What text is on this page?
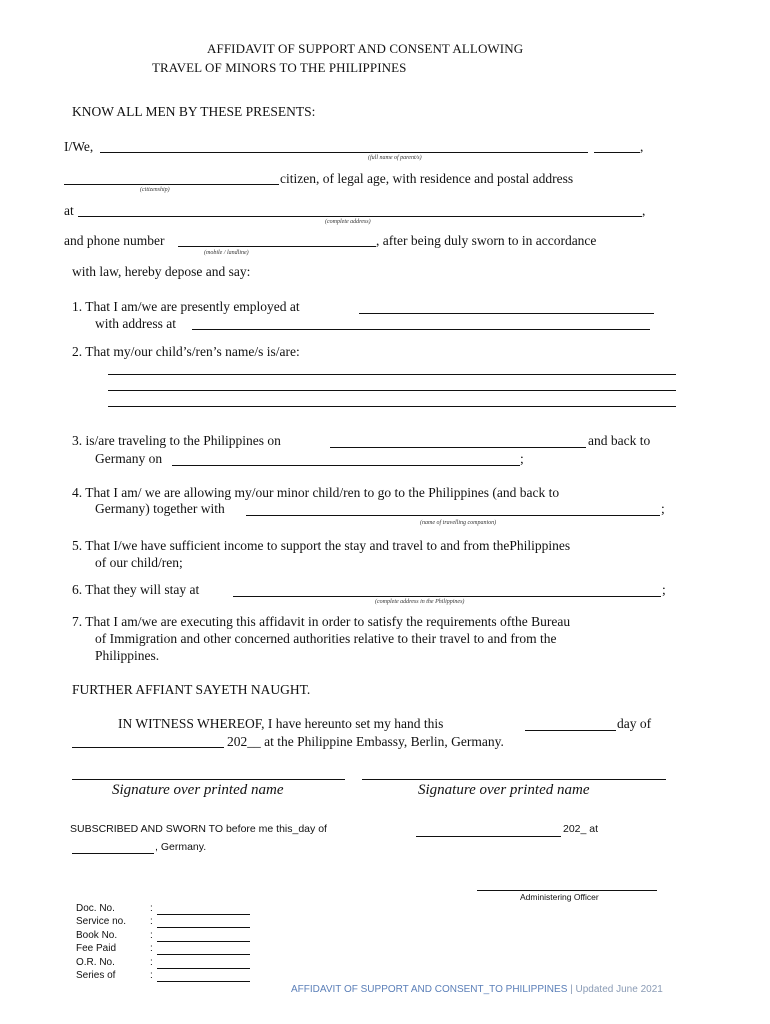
AFFIDAVIT OF SUPPORT AND CONSENT ALLOWING
TRAVEL OF MINORS TO THE PHILIPPINES
KNOW ALL MEN BY THESE PRESENTS:
I/We,	,
(full name of parent/s)
citizen, of legal age, with residence and postal address
(citizenship)
at	,
(complete address)
and phone number	, after being duly sworn to in accordance
(mobile / landline)
with law, hereby depose and say:
1. That I am/we are presently employed at
with address at
2. That my/our child’s/ren’s name/s is/are:
3. is/are traveling to the Philippines on	and back to
Germany on	;
4. That I am/ we are allowing my/our minor child/ren to go to the Philippines (and back to
Germany) together with	;
(name of travelling companion)
5. That I/we have sufficient income to support the stay and travel to and from thePhilippines
of our child/ren;
6. That they will stay at	;
(complete address in the Philippines)
7. That I am/we are executing this affidavit in order to satisfy the requirements ofthe Bureau
of Immigration and other concerned authorities relative to their travel to and from the
Philippines.
FURTHER AFFIANT SAYETH NAUGHT.
IN WITNESS WHEREOF, I have hereunto set my hand this	day of
202__ at the Philippine Embassy, Berlin, Germany.
Signature over printed name	Signature over printed name
SUBSCRIBED AND SWORN TO before me this_day of	202_ at
, Germany.
Administering Officer
Doc. No.	:
Service no. :
Book No.	:
Fee Paid	:
O.R. No.	:
Series of	:
AFFIDAVIT OF SUPPORT AND CONSENT_TO PHILIPPINES | Updated June 2021
